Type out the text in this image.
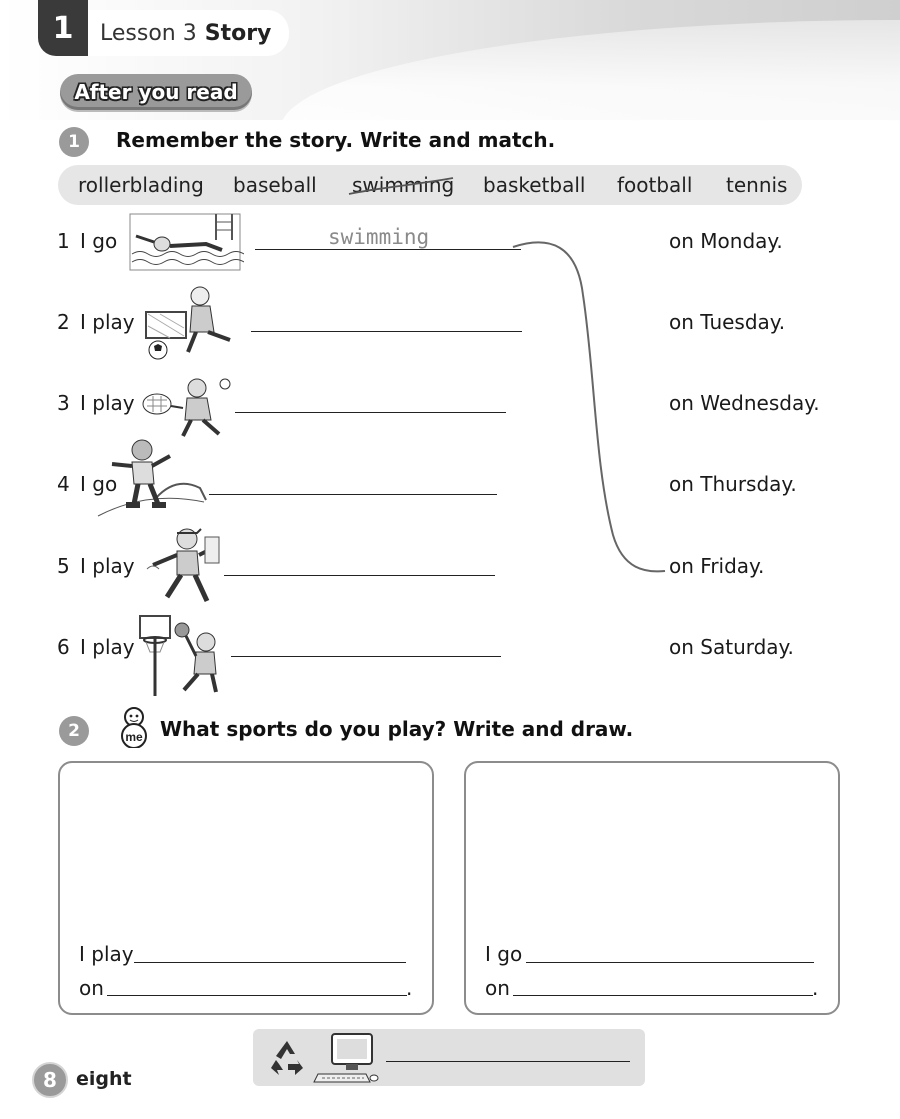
1	Lesson 3 Story
After you read
1	Remember the story. Write and match.
rollerblading baseball swimming basketball football tennis
1 I go	swimming	on Monday.
2 I play	on Tuesday.
3 I play	on Wednesday.
4 I go	on Thursday.
5 I play	on Friday.
6 I play	on Saturday.
2	me What sports do you play? Write and draw.
I play
on	.
I go
on	.
8	eight
